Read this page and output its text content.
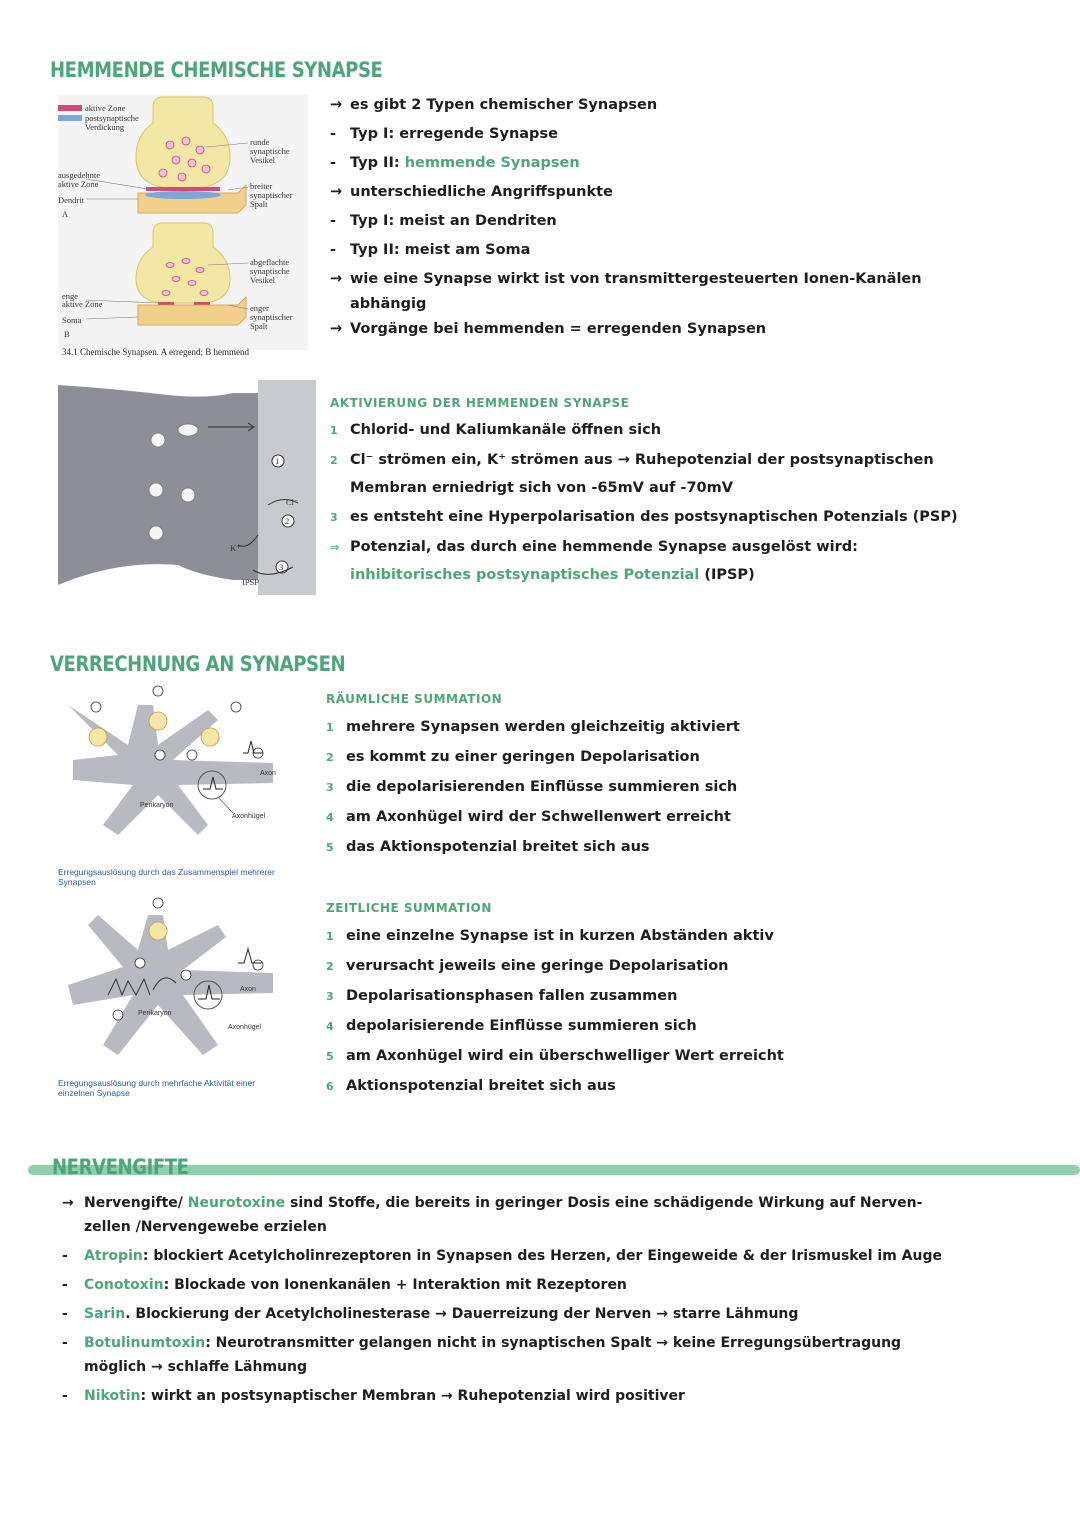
HEMMENDE CHEMISCHE SYNAPSE
aktive Zone
postsynaptische
Verdickung
runde
synaptische
Vesikel
ausgedehnte
aktive Zone
Dendrit
A
breiter
synaptischer
Spalt
abgeflachte
synaptische
Vesikel
enge
aktive Zone
Soma
B
enger
synaptischer
Spalt
34.1 Chemische Synapsen. A erregend; B hemmend
→ es gibt 2 Typen chemischer Synapsen
- Typ I: erregende Synapse
- Typ II: hemmende Synapsen
→ unterschiedliche Angriffspunkte
- Typ I: meist an Dendriten
- Typ II: meist am Soma
→ wie eine Synapse wirkt ist von transmittergesteuerten Ionen-Kanälen
abhängig
→ Vorgänge bei hemmenden = erregenden Synapsen
Cl⁻
K⁺
IPSP
1
2
3
AKTIVIERUNG DER HEMMENDEN SYNAPSE
1 Chlorid- und Kaliumkanäle öffnen sich
2 Cl⁻ strömen ein, K⁺ strömen aus → Ruhepotenzial der postsynaptischen
Membran erniedrigt sich von -65mV auf -70mV
3 es entsteht eine Hyperpolarisation des postsynaptischen Potenzials (PSP)
⇒ Potenzial, das durch eine hemmende Synapse ausgelöst wird:
inhibitorisches postsynaptisches Potenzial (IPSP)
VERRECHNUNG AN SYNAPSEN
Perikaryon
Axon
Axonhügel
Erregungsauslösung durch das Zusammenspiel mehrerer Synapsen
RÄUMLICHE SUMMATION
1 mehrere Synapsen werden gleichzeitig aktiviert
2 es kommt zu einer geringen Depolarisation
3 die depolarisierenden Einflüsse summieren sich
4 am Axonhügel wird der Schwellenwert erreicht
5 das Aktionspotenzial breitet sich aus
Perikaryon
Axon
Axonhügel
Erregungsauslösung durch mehrfache Aktivität einer einzelnen Synapse
ZEITLICHE SUMMATION
1 eine einzelne Synapse ist in kurzen Abständen aktiv
2 verursacht jeweils eine geringe Depolarisation
3 Depolarisationsphasen fallen zusammen
4 depolarisierende Einflüsse summieren sich
5 am Axonhügel wird ein überschwelliger Wert erreicht
6 Aktionspotenzial breitet sich aus
NERVENGIFTE
→ Nervengifte/ Neurotoxine sind Stoffe, die bereits in geringer Dosis eine schädigende Wirkung auf Nerven-
zellen /Nervengewebe erzielen
- Atropin: blockiert Acetylcholinrezeptoren in Synapsen des Herzen, der Eingeweide & der Irismuskel im Auge
- Conotoxin: Blockade von Ionenkanälen + Interaktion mit Rezeptoren
- Sarin. Blockierung der Acetylcholinesterase → Dauerreizung der Nerven → starre Lähmung
- Botulinumtoxin: Neurotransmitter gelangen nicht in synaptischen Spalt → keine Erregungsübertragung
möglich → schlaffe Lähmung
- Nikotin: wirkt an postsynaptischer Membran → Ruhepotenzial wird positiver
